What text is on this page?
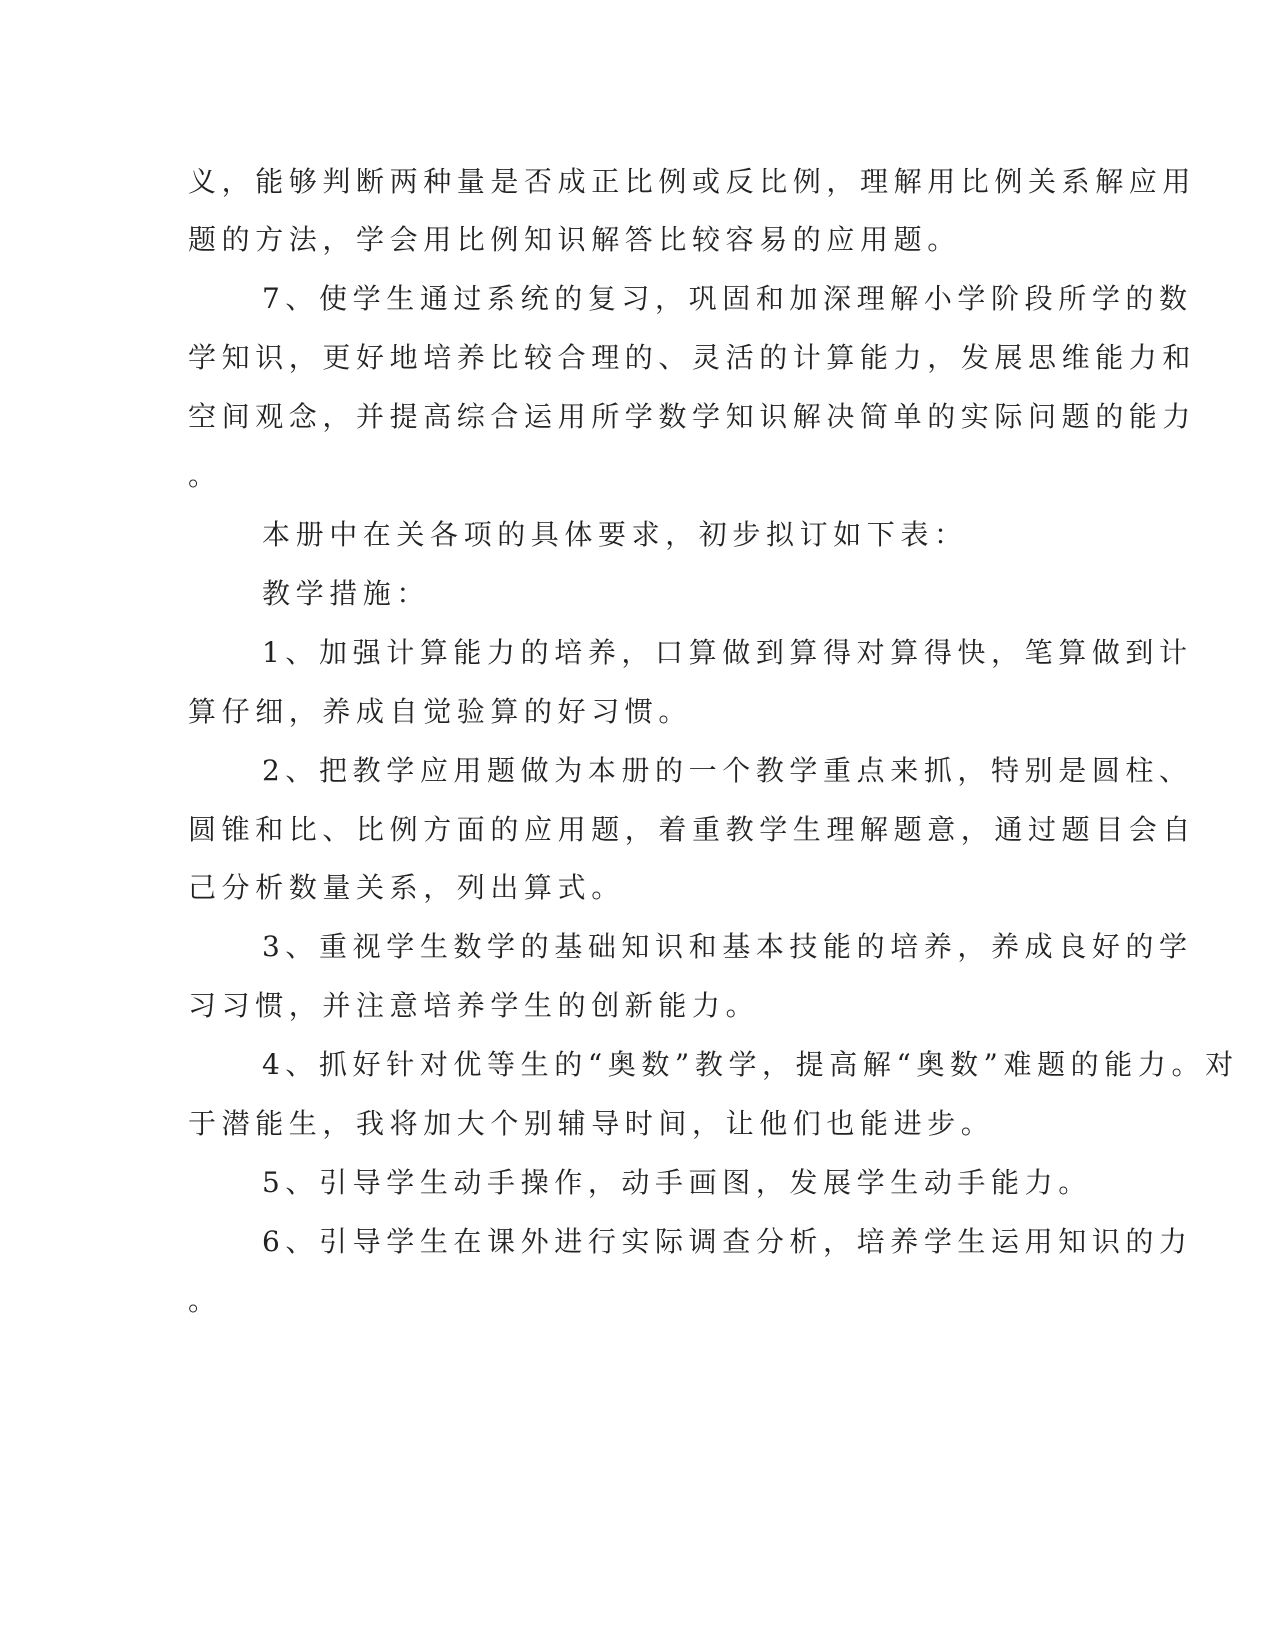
义，能够判断两种量是否成正比例或反比例，理解用比例关系解应用
题的方法，学会用比例知识解答比较容易的应用题。
7、使学生通过系统的复习，巩固和加深理解小学阶段所学的数
学知识，更好地培养比较合理的、灵活的计算能力，发展思维能力和
空间观念，并提高综合运用所学数学知识解决简单的实际问题的能力
。
本册中在关各项的具体要求，初步拟订如下表：
教学措施：
1、加强计算能力的培养，口算做到算得对算得快，笔算做到计
算仔细，养成自觉验算的好习惯。
2、把教学应用题做为本册的一个教学重点来抓，特别是圆柱、
圆锥和比、比例方面的应用题，着重教学生理解题意，通过题目会自
己分析数量关系，列出算式。
3、重视学生数学的基础知识和基本技能的培养，养成良好的学
习习惯，并注意培养学生的创新能力。
4、抓好针对优等生的“奥数”教学，提高解“奥数”难题的能力。对
于潜能生，我将加大个别辅导时间，让他们也能进步。
5、引导学生动手操作，动手画图，发展学生动手能力。
6、引导学生在课外进行实际调查分析，培养学生运用知识的力
。
